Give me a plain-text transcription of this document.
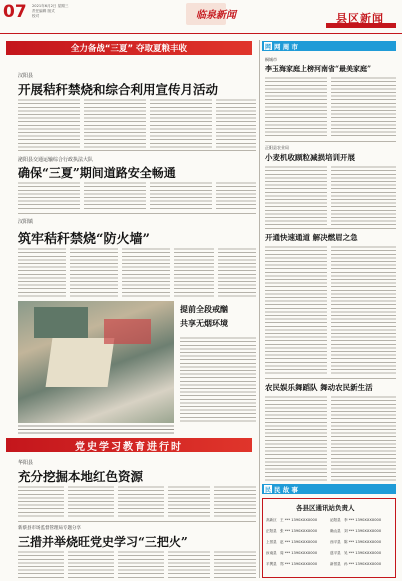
07 2021年6月2日 星期三
责任编辑 版式
校对	临泉新闻	县区新闻
全力备战“三夏” 夺取夏粮丰收
汉阳县
开展秸秆禁烧和综合利用宣传月活动
泌阳县交通运输综合行政执法大队
确保“三夏”期间道路安全畅通
汉阳镇
筑牢秸秆禁烧“防火墙”
提前全段戒酗
共享无烟环境
党史学习教育进行时
华阳县
充分挖掘本地红色资源
新蔡县市场监督管理局专题分享
三措并举烧旺党史学习“三把火”
网 网 周 市
桐城市
李玉海家庭上榜河南省“最美家庭”
正阳县农业局
小麦机收顾粒减损培训开展
开通快速通道 解决燃眉之急
农民娱乐舞蹈队 舞动农民新生活
民 民 故 事
各县区通讯站负责人
高新区 王 *** 1390XXXX000	泌阳县 李 *** 1390XXXX000
正阳县 张 *** 1390XXXX000	确山县 刘 *** 1390XXXX000
上蔡县 赵 *** 1390XXXX000	西平县 陈 *** 1390XXXX000
汝南县 周 *** 1390XXXX000	遂平县 吴 *** 1390XXXX000
平舆县 郑 *** 1390XXXX000	新蔡县 孙 *** 1390XXXX000
